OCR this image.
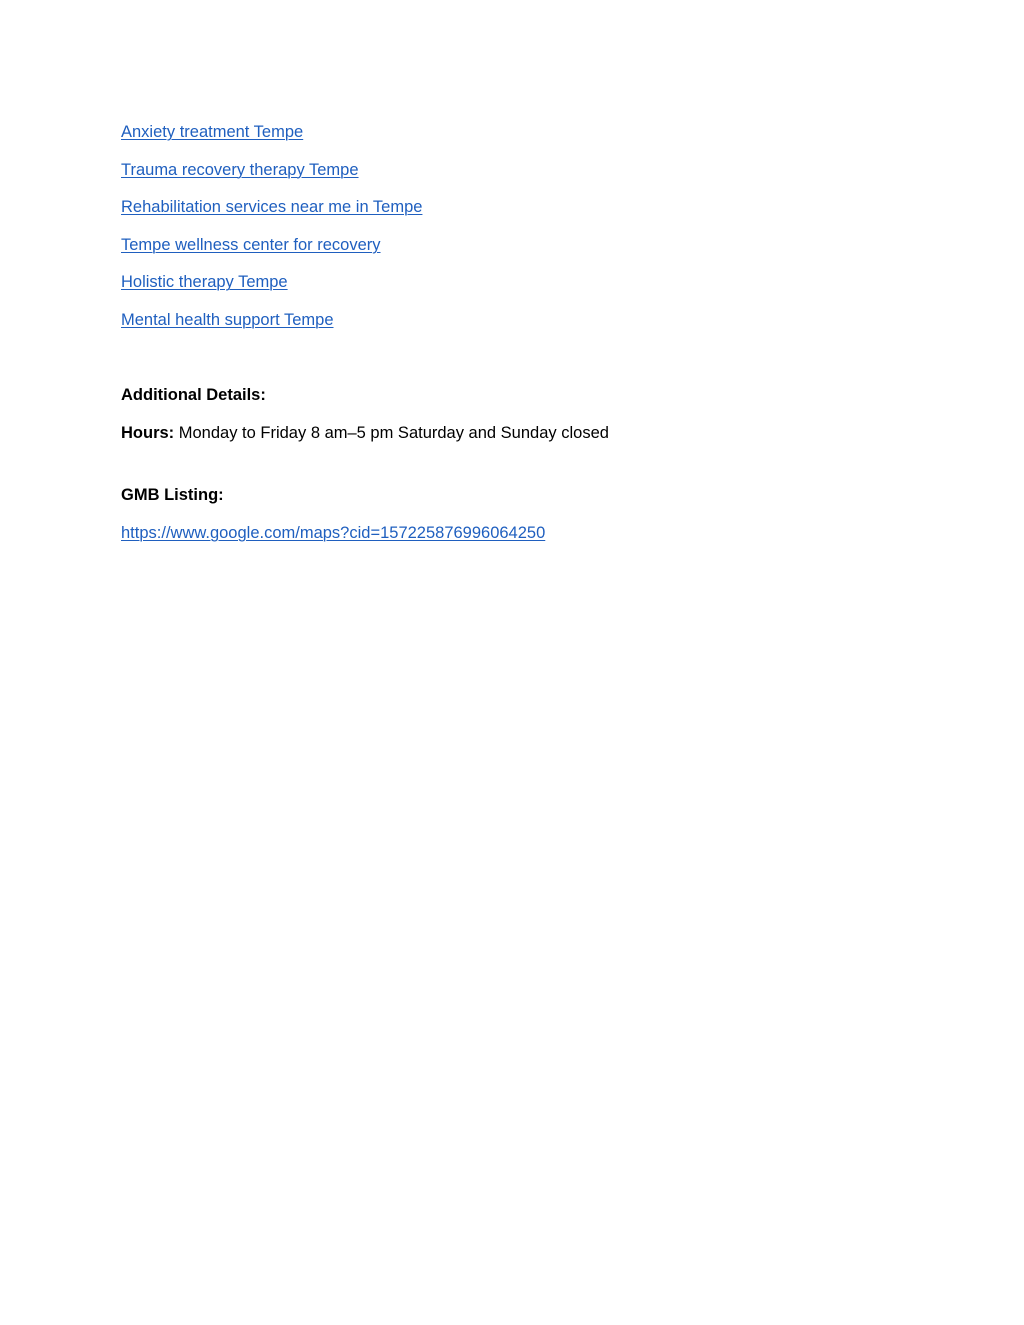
Anxiety treatment Tempe
Trauma recovery therapy Tempe
Rehabilitation services near me in Tempe
Tempe wellness center for recovery
Holistic therapy Tempe
Mental health support Tempe

Additional Details:

Hours: Monday to Friday 8 am–5 pm Saturday and Sunday closed

GMB Listing:

https://www.google.com/maps?cid=157225876996064250
